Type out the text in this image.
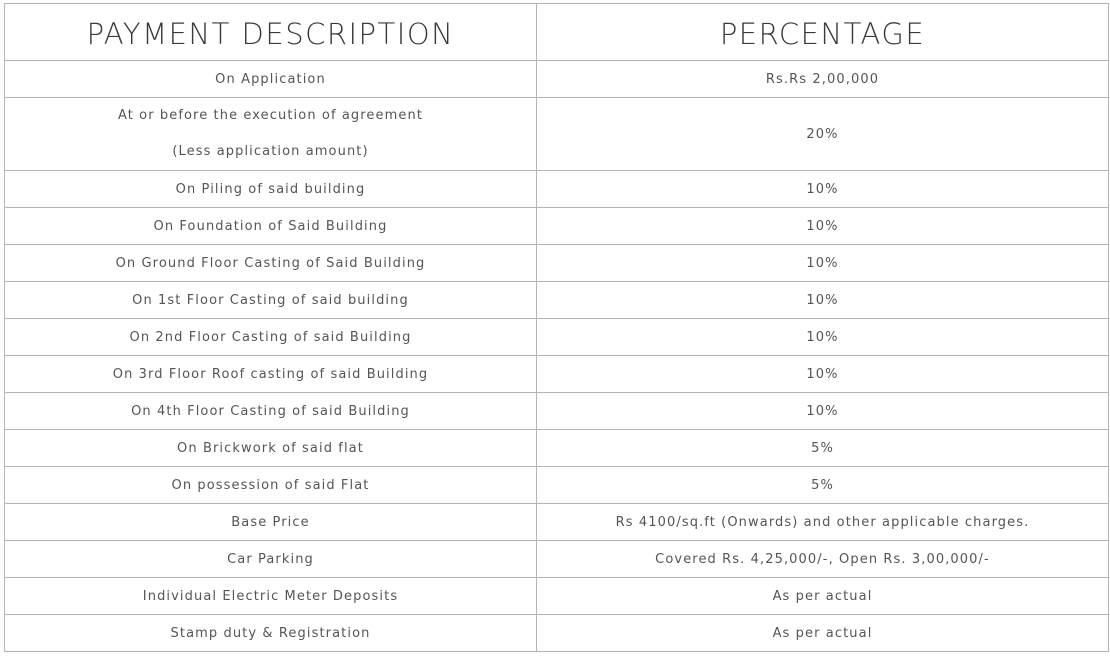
PAYMENT DESCRIPTION	PERCENTAGE
On Application	Rs.Rs 2,00,000

At or before the execution of agreement
(Less application amount)	20%
On Piling of said building	10%
On Foundation of Said Building	10%
On Ground Floor Casting of Said Building	10%
On 1st Floor Casting of said building	10%
On 2nd Floor Casting of said Building	10%
On 3rd Floor Roof casting of said Building	10%
On 4th Floor Casting of said Building	10%
On Brickwork of said flat	5%
On possession of said Flat	5%
Base Price	Rs 4100/sq.ft (Onwards) and other applicable charges.
Car Parking	Covered Rs. 4,25,000/-, Open Rs. 3,00,000/-
Individual Electric Meter Deposits	As per actual
Stamp duty & Registration	As per actual
